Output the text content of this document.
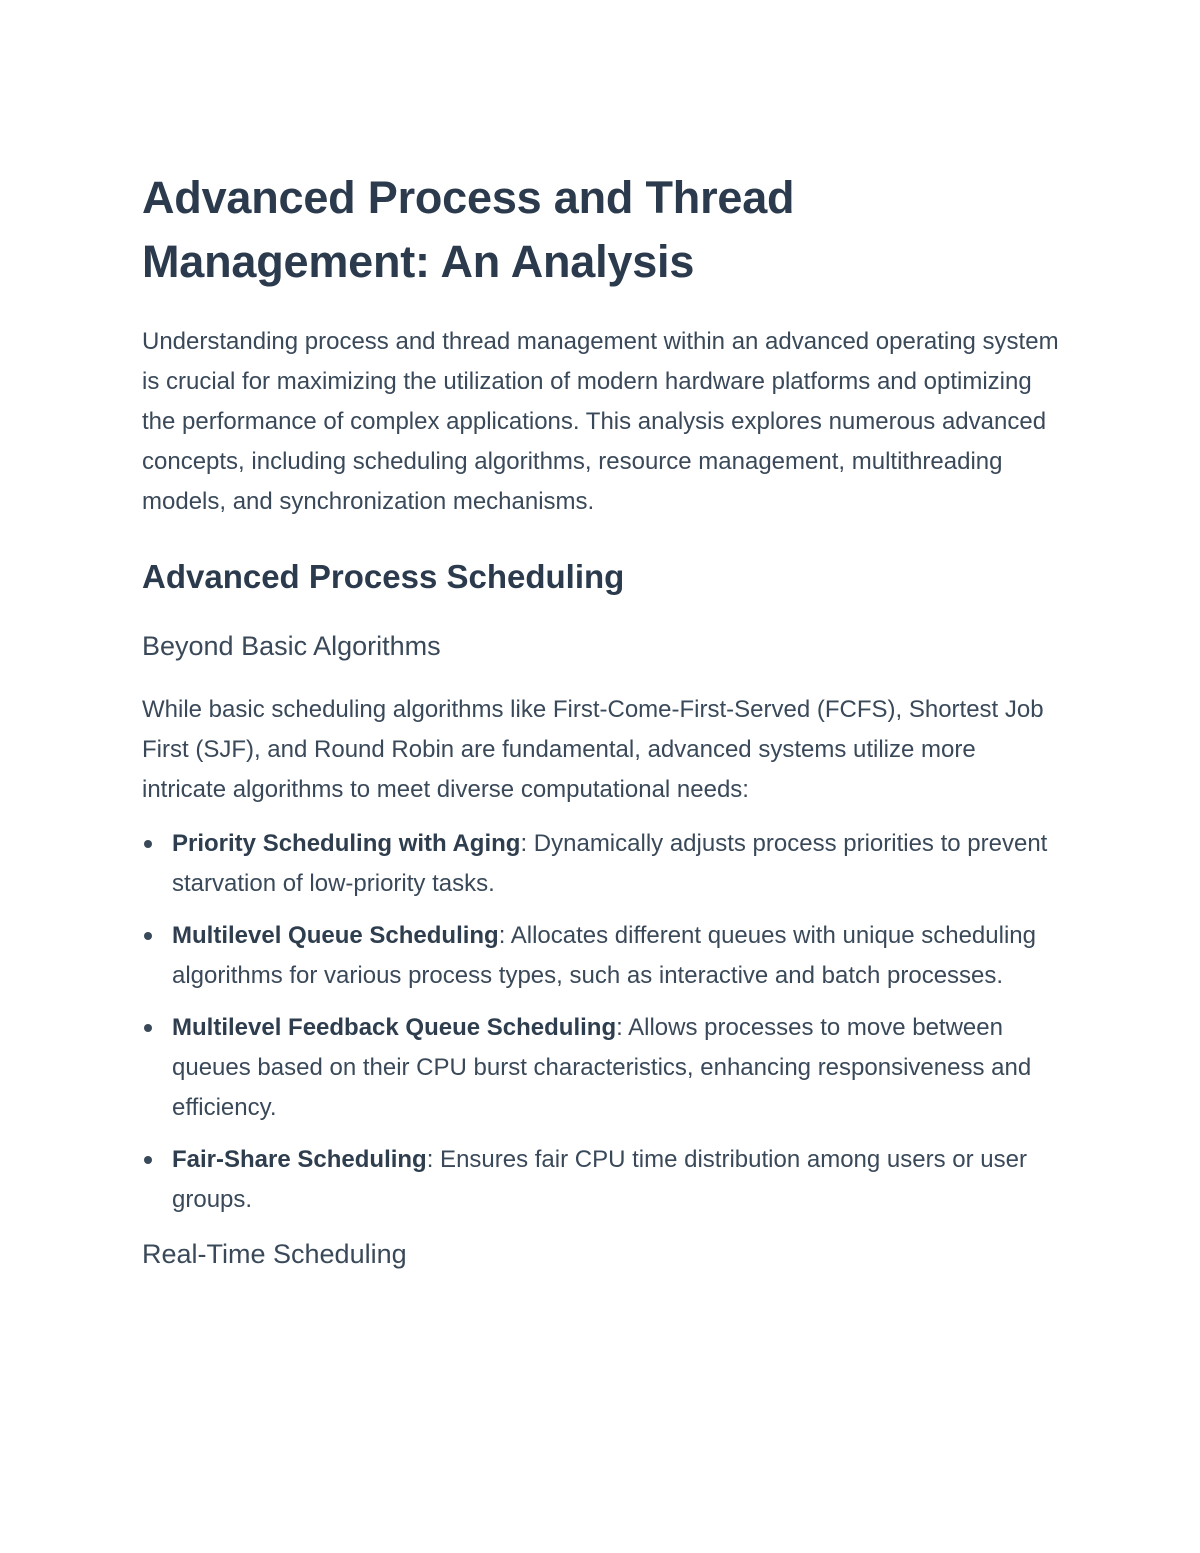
Advanced Process and Thread Management: An Analysis

Understanding process and thread management within an advanced operating system is crucial for maximizing the utilization of modern hardware platforms and optimizing the performance of complex applications. This analysis explores numerous advanced concepts, including scheduling algorithms, resource management, multithreading models, and synchronization mechanisms.

Advanced Process Scheduling
Beyond Basic Algorithms

While basic scheduling algorithms like First-Come-First-Served (FCFS), Shortest Job First (SJF), and Round Robin are fundamental, advanced systems utilize more intricate algorithms to meet diverse computational needs:

Priority Scheduling with Aging: Dynamically adjusts process priorities to prevent starvation of low-priority tasks.
Multilevel Queue Scheduling: Allocates different queues with unique scheduling algorithms for various process types, such as interactive and batch processes.
Multilevel Feedback Queue Scheduling: Allows processes to move between queues based on their CPU burst characteristics, enhancing responsiveness and efficiency.
Fair-Share Scheduling: Ensures fair CPU time distribution among users or user groups.
Real-Time Scheduling
